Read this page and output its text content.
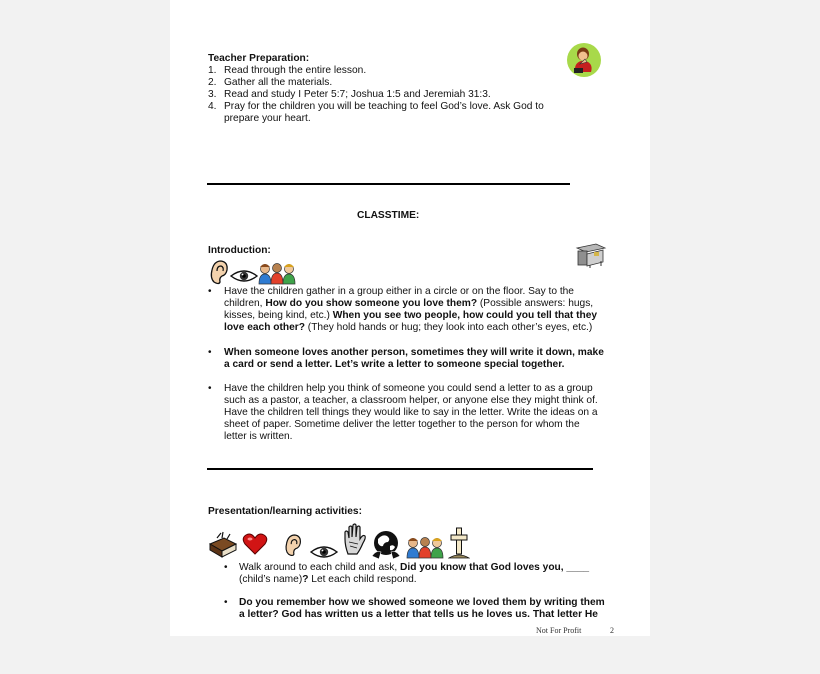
Teacher Preparation:
1. Read through the entire lesson.
2. Gather all the materials.
3. Read and study I Peter 5:7; Joshua 1:5 and Jeremiah 31:3.
4. Pray for the children you will be teaching to feel God’s love. Ask God to
prepare your heart.
CLASSTIME:
Introduction:
• Have the children gather in a group either in a circle or on the floor. Say to the
children, How do you show someone you love them? (Possible answers: hugs,
kisses, being kind, etc.) When you see two people, how could you tell that they
love each other? (They hold hands or hug; they look into each other’s eyes, etc.)
• When someone loves another person, sometimes they will write it down, make
a card or send a letter. Let’s write a letter to someone special together.
• Have the children help you think of someone you could send a letter to as a group
such as a pastor, a teacher, a classroom helper, or anyone else they might think of.
Have the children tell things they would like to say in the letter. Write the ideas on a
sheet of paper. Sometime deliver the letter together to the person for whom the
letter is written.
Presentation/learning activities:
• Walk around to each child and ask, Did you know that God loves you, ____
(child’s name)? Let each child respond.
• Do you remember how we showed someone we loved them by writing them
a letter? God has written us a letter that tells us he loves us. That letter He
Not For Profit	2
